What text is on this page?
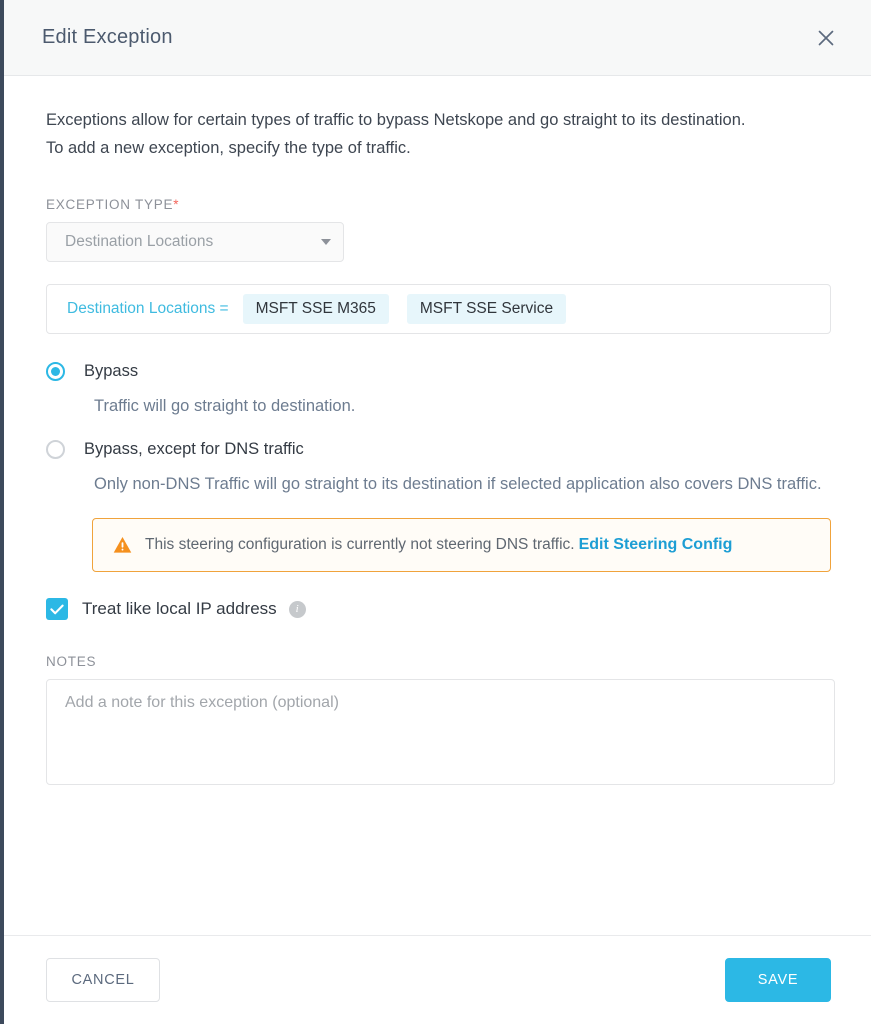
Edit Exception

Exceptions allow for certain types of traffic to bypass Netskope and go straight to its destination. To add a new exception, specify the type of traffic.

EXCEPTION TYPE*
Destination Locations
Destination Locations =	MSFT SSE M365	MSFT SSE Service
Bypass
Traffic will go straight to destination.
Bypass, except for DNS traffic
Only non-DNS Traffic will go straight to its destination if selected application also covers DNS traffic.
This steering configuration is currently not steering DNS traffic. Edit Steering Config
Treat like local IP address	i
NOTES
Add a note for this exception (optional)
CANCEL	SAVE
